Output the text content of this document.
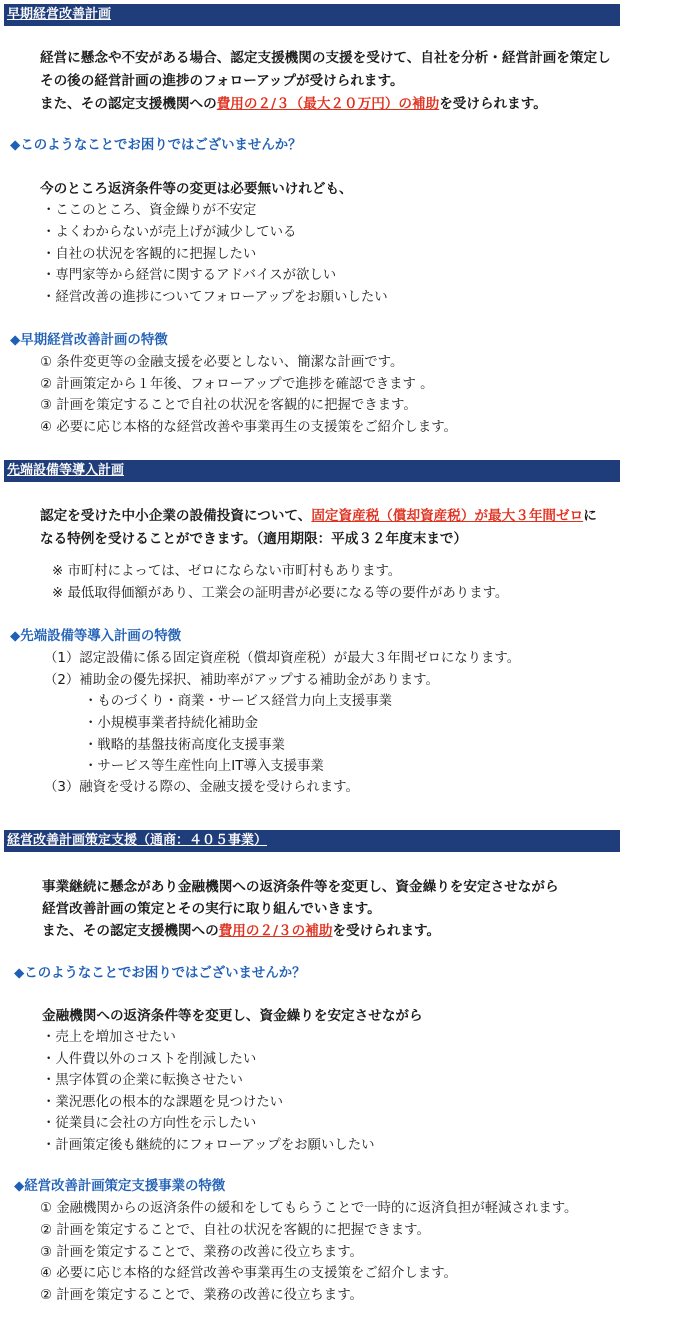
早期経営改善計画
経営に懸念や不安がある場合、認定支援機関の支援を受けて、自社を分析・経営計画を策定し
その後の経営計画の進捗のフォローアップが受けられます。
また、その認定支援機関への費用の２/３（最大２０万円）の補助を受けられます。
◆このようなことでお困りではございませんか？
今のところ返済条件等の変更は必要無いけれども、
・ここのところ、資金繰りが不安定
・よくわからないが売上げが減少している
・自社の状況を客観的に把握したい
・専門家等から経営に関するアドバイスが欲しい
・経営改善の進捗についてフォローアップをお願いしたい
◆早期経営改善計画の特徴
① 条件変更等の金融支援を必要としない、簡潔な計画です。
② 計画策定から１年後、フォローアップで進捗を確認できます 。
③ 計画を策定することで自社の状況を客観的に把握できます。
④ 必要に応じ本格的な経営改善や事業再生の支援策をご紹介します。
先端設備等導入計画
認定を受けた中小企業の設備投資について、固定資産税（償却資産税）が最大３年間ゼロに
なる特例を受けることができます。（適用期限：平成３２年度末まで）
※ 市町村によっては、ゼロにならない市町村もあります。
※ 最低取得価額があり、工業会の証明書が必要になる等の要件があります。
◆先端設備等導入計画の特徴
（1）認定設備に係る固定資産税（償却資産税）が最大３年間ゼロになります。
（2）補助金の優先採択、補助率がアップする補助金があります。
・ものづくり・商業・サービス経営力向上支援事業
・小規模事業者持続化補助金
・戦略的基盤技術高度化支援事業
・サービス等生産性向上IT導入支援事業
（3）融資を受ける際の、金融支援を受けられます。
経営改善計画策定支援（通商：４０５事業）
事業継続に懸念があり金融機関への返済条件等を変更し、資金繰りを安定させながら
経営改善計画の策定とその実行に取り組んでいきます。
また、その認定支援機関への費用の２/３の補助を受けられます。
◆このようなことでお困りではございませんか？
金融機関への返済条件等を変更し、資金繰りを安定させながら
・売上を増加させたい
・人件費以外のコストを削減したい
・黒字体質の企業に転換させたい
・業況悪化の根本的な課題を見つけたい
・従業員に会社の方向性を示したい
・計画策定後も継続的にフォローアップをお願いしたい
◆経営改善計画策定支援事業の特徴
① 金融機関からの返済条件の緩和をしてもらうことで一時的に返済負担が軽減されます。
② 計画を策定することで、自社の状況を客観的に把握できます。
③ 計画を策定することで、業務の改善に役立ちます。
④ 必要に応じ本格的な経営改善や事業再生の支援策をご紹介します。
② 計画を策定することで、業務の改善に役立ちます。
